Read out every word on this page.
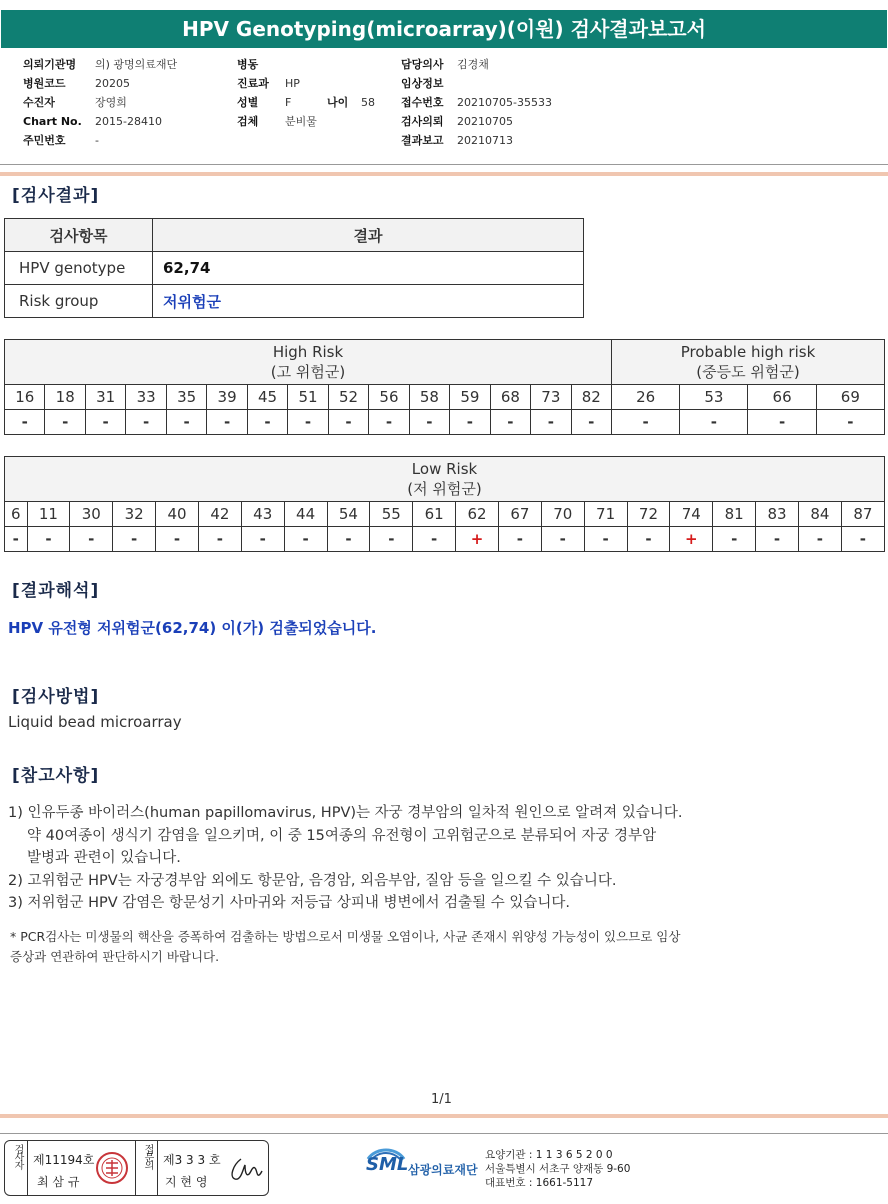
HPV Genotyping(microarray)(이원) 검사결과보고서
의뢰기관명 의) 광명의료재단
병원코드	20205
수진자	장영희
Chart No. 2015-28410
주민번호	-
병동
진료과 HP
성별 F	나이 58
검체 분비물
담당의사 김경채
임상정보
접수번호 20210705-35533
검사의뢰 20210705
결과보고 20210713
[검사결과]
검사항목	결과
HPV genotype	62,74
Risk group	저위험군
High Risk
(고 위험군)															Probable high risk
(중등도 위험군)			
16	18	31	33	35	39	45	51	52	56	58	59	68	73	82	26	53	66	69
-	-	-	-	-	-	-	-	-	-	-	-	-	-	-	-	-	-	-
Low Risk
(저 위험군)																				
6	11	30	32	40	42	43	44	54	55	61	62	67	70	71	72	74	81	83	84	87
-	-	-	-	-	-	-	-	-	-	-	+	-	-	-	-	+	-	-	-	-
[결과해석]
HPV 유전형 저위험군(62,74) 이(가) 검출되었습니다.
[검사방법]
Liquid bead microarray
[참고사항]
1) 인유두종 바이러스(human papillomavirus, HPV)는 자궁 경부암의 일차적 원인으로 알려져 있습니다.
약 40여종이 생식기 감염을 일으키며, 이 중 15여종의 유전형이 고위험군으로 분류되어 자궁 경부암
발병과 관련이 있습니다.
2) 고위험군 HPV는 자궁경부암 외에도 항문암, 음경암, 외음부암, 질암 등을 일으킬 수 있습니다.
3) 저위험군 HPV 감염은 항문성기 사마귀와 저등급 상피내 병변에서 검출될 수 있습니다.
* PCR검사는 미생물의 핵산을 증폭하여 검출하는 방법으로서 미생물 오염이나, 사균 존재시 위양성 가능성이 있으므로 임상
증상과 연관하여 판단하시기 바랍니다.
1/1
검사자 제11194호
최 삼 규
접문의 제3 3 3 호
지 현 영
SML 삼광의료재단
요양기관 : 1 1 3 6 5 2 0 0
서울특별시 서초구 양재동 9-60
대표번호 : 1661-5117
